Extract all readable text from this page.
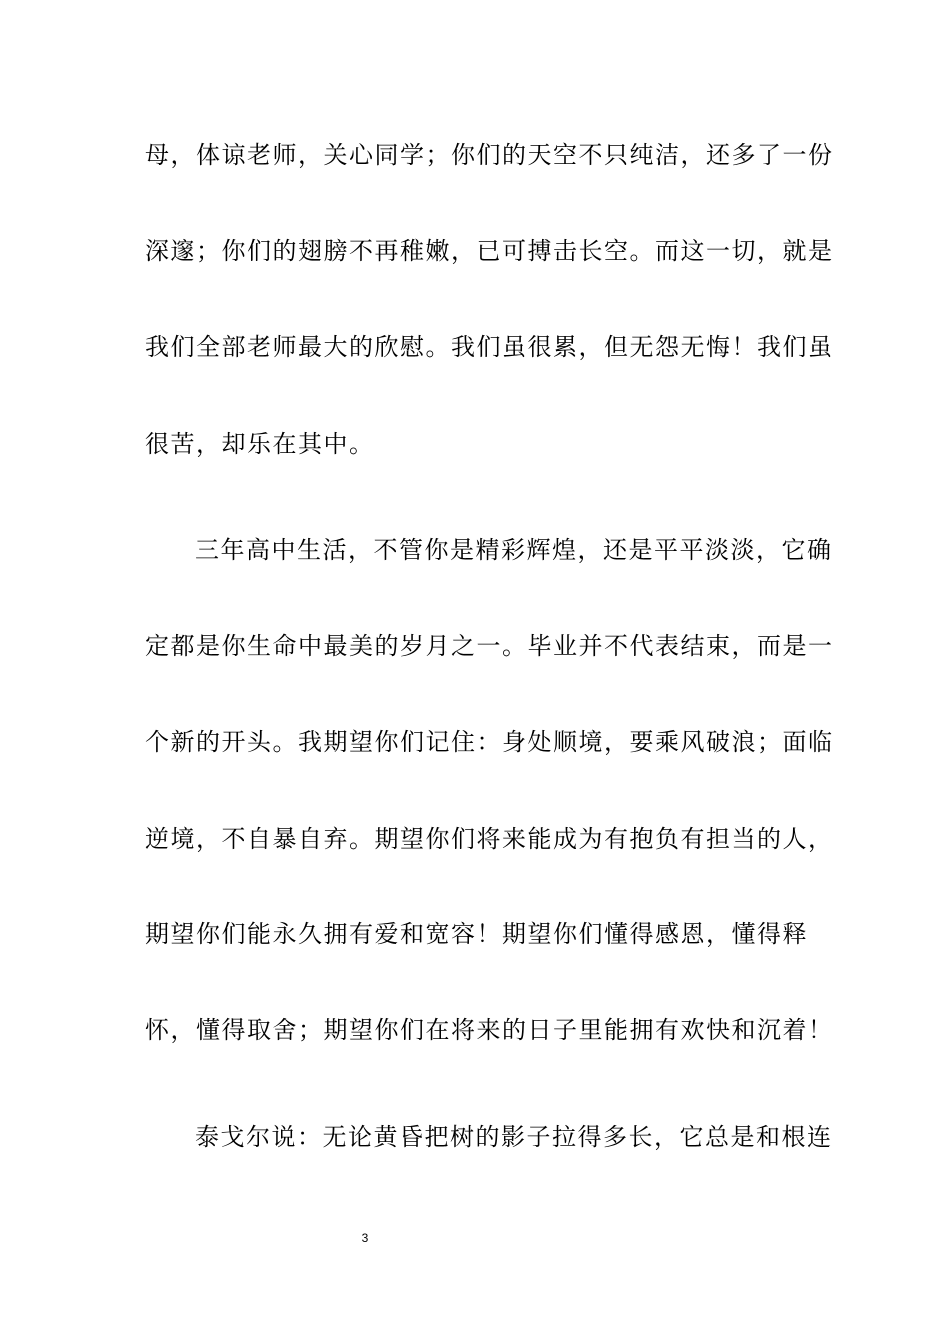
母，体谅老师，关心同学；你们的天空不只纯洁，还多了一份
深邃；你们的翅膀不再稚嫩，已可搏击长空。而这一切，就是
我们全部老师最大的欣慰。我们虽很累，但无怨无悔！我们虽
很苦，却乐在其中。
三年高中生活，不管你是精彩辉煌，还是平平淡淡，它确
定都是你生命中最美的岁月之一。毕业并不代表结束，而是一
个新的开头。我期望你们记住：身处顺境，要乘风破浪；面临
逆境，不自暴自弃。期望你们将来能成为有抱负有担当的人，
期望你们能永久拥有爱和宽容！期望你们懂得感恩，懂得释
怀，懂得取舍；期望你们在将来的日子里能拥有欢快和沉着！
泰戈尔说：无论黄昏把树的影子拉得多长，它总是和根连
3
